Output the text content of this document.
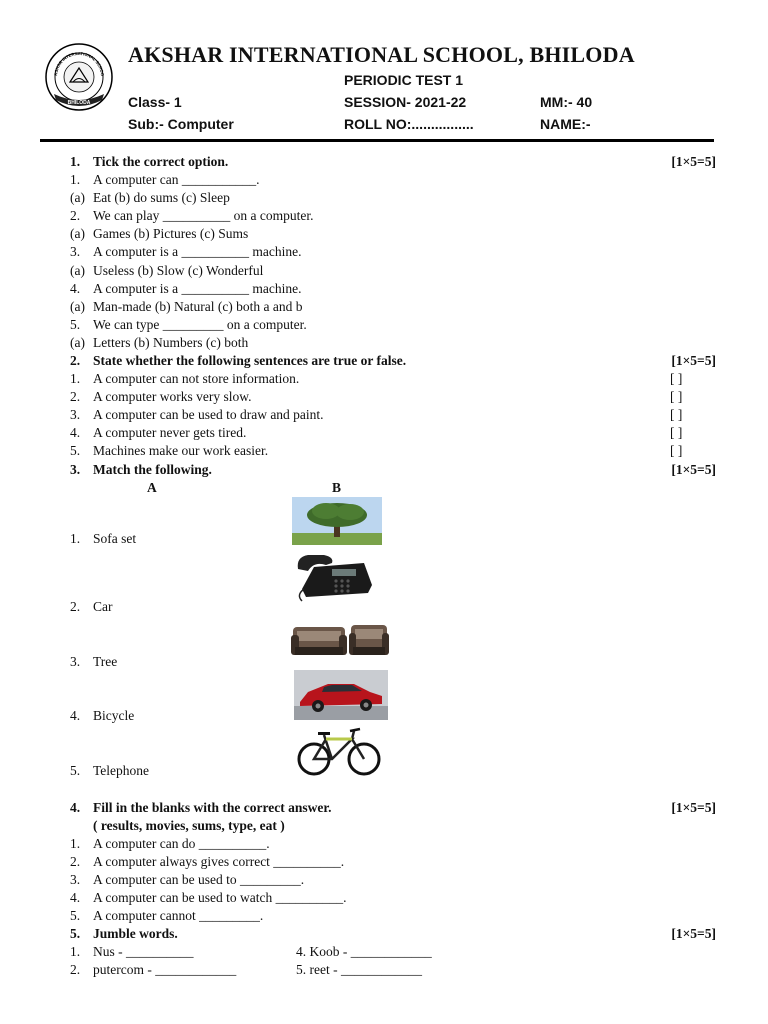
BHILODA
KSHAR INTERNATIONAL SCHOO
AKSHAR INTERNATIONAL SCHOOL, BHILODA
PERIODIC TEST 1
Class- 1	SESSION- 2021-22	MM:- 40
Sub:- Computer	ROLL NO:................	NAME:-
1. Tick the correct option.	[1×5=5]
1. A computer can ___________.
(a) Eat (b) do sums (c) Sleep
2. We can play __________ on a computer.
(a) Games (b) Pictures (c) Sums
3. A computer is a __________ machine.
(a) Useless (b) Slow (c) Wonderful
4. A computer is a __________ machine.
(a) Man-made (b) Natural (c) both a and b
5. We can type _________ on a computer.
(a) Letters (b) Numbers (c) both
2. State whether the following sentences are true or false.	[1×5=5]
1. A computer can not store information.	[ ]
2. A computer works very slow.	[ ]
3. A computer can be used to draw and paint.	[ ]
4. A computer never gets tired.	[ ]
5. Machines make our work easier.	[ ]
3. Match the following.	[1×5=5]
A	B
1. Sofa set
2. Car
3. Tree
4. Bicycle
5. Telephone
4. Fill in the blanks with the correct answer.	[1×5=5]
( results, movies, sums, type, eat )
1. A computer can do __________.
2. A computer always gives correct __________.
3. A computer can be used to _________.
4. A computer can be used to watch __________.
5. A computer cannot _________.
5. Jumble words.	[1×5=5]
1. Nus - __________	4. Koob - ____________
2. putercom - ____________	5. reet - ____________
